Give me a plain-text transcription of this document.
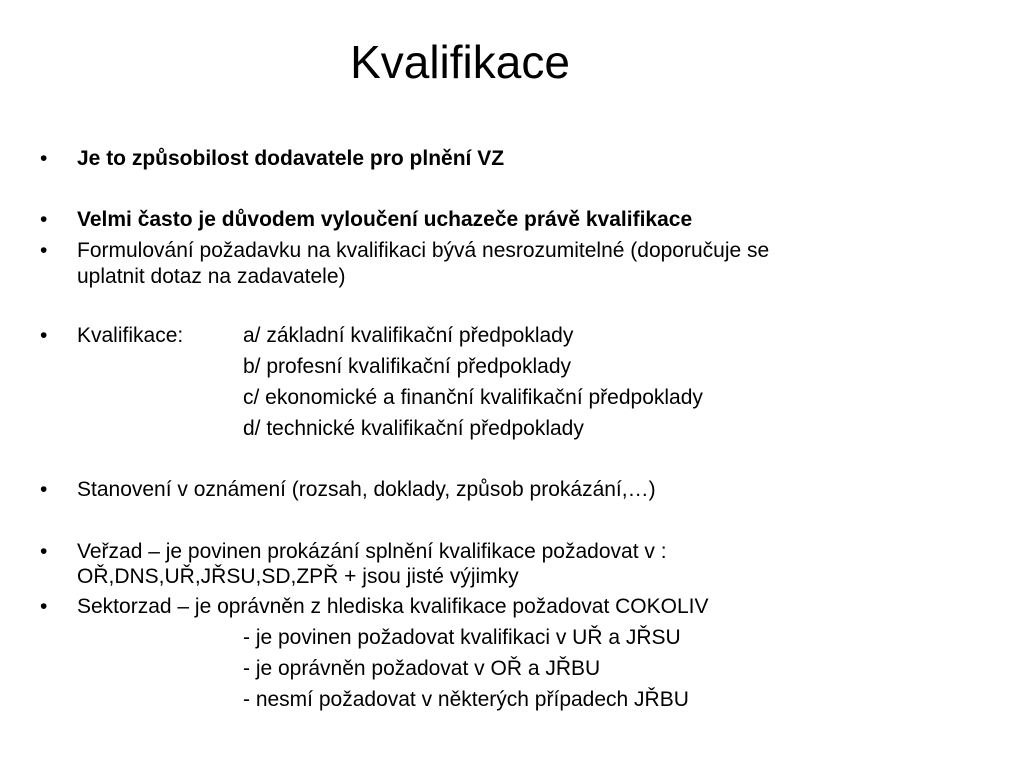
Kvalifikace
• Je to způsobilost dodavatele pro plnění VZ
• Velmi často je důvodem vyloučení uchazeče právě kvalifikace
• Formulování požadavku na kvalifikaci bývá nesrozumitelné (doporučuje se
uplatnit dotaz na zadavatele)
• Kvalifikace:	a/ základní kvalifikační předpoklady
b/ profesní kvalifikační předpoklady
c/ ekonomické a finanční kvalifikační předpoklady
d/ technické kvalifikační předpoklady
• Stanovení v oznámení (rozsah, doklady, způsob prokázání,…)
• Veřzad – je povinen prokázání splnění kvalifikace požadovat v :
OŘ,DNS,UŘ,JŘSU,SD,ZPŘ + jsou jisté výjimky
• Sektorzad – je oprávněn z hlediska kvalifikace požadovat COKOLIV
- je povinen požadovat kvalifikaci v UŘ a JŘSU
- je oprávněn požadovat v OŘ a JŘBU
- nesmí požadovat v některých případech JŘBU
